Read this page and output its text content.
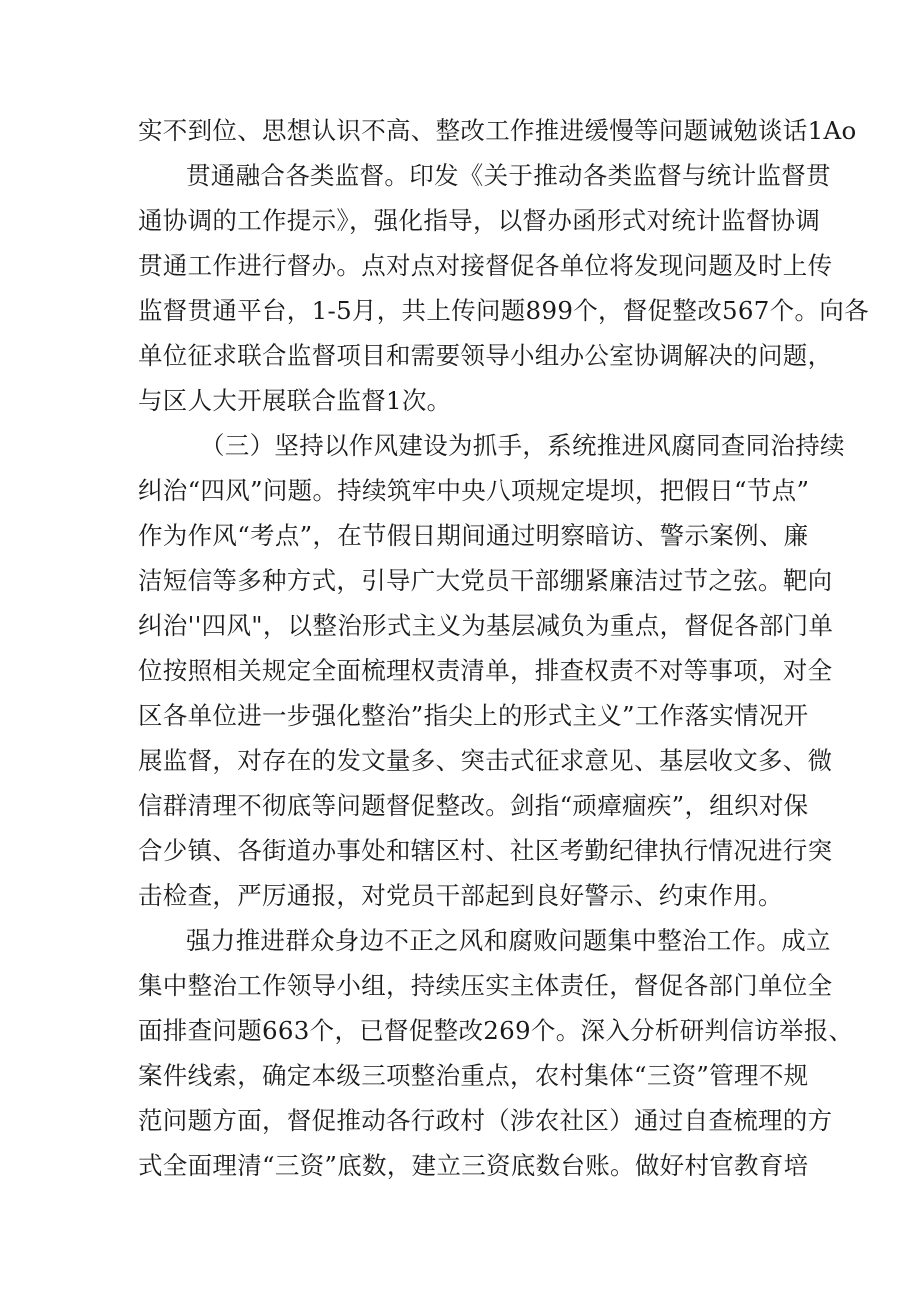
实不到位、思想认识不高、整改工作推进缓慢等问题诫勉谈话1Ao
贯通融合各类监督。印发《关于推动各类监督与统计监督贯
通协调的工作提示》，强化指导，以督办函形式对统计监督协调
贯通工作进行督办。点对点对接督促各单位将发现问题及时上传
监督贯通平台，1-5月，共上传问题899个，督促整改567个。向各
单位征求联合监督项目和需要领导小组办公室协调解决的问题，
与区人大开展联合监督1次。
（三）坚持以作风建设为抓手，系统推进风腐同查同治持续
纠治“四风”问题。持续筑牢中央八项规定堤坝，把假日“节点”
作为作风“考点”，在节假日期间通过明察暗访、警示案例、廉
洁短信等多种方式，引导广大党员干部绷紧廉洁过节之弦。靶向
纠治''四风"，以整治形式主义为基层减负为重点，督促各部门单
位按照相关规定全面梳理权责清单，排查权责不对等事项，对全
区各单位进一步强化整治”指尖上的形式主义”工作落实情况开
展监督，对存在的发文量多、突击式征求意见、基层收文多、微
信群清理不彻底等问题督促整改。剑指“顽瘴痼疾”，组织对保
合少镇、各街道办事处和辖区村、社区考勤纪律执行情况进行突
击检查，严厉通报，对党员干部起到良好警示、约束作用。
强力推进群众身边不正之风和腐败问题集中整治工作。成立
集中整治工作领导小组，持续压实主体责任，督促各部门单位全
面排查问题663个，已督促整改269个。深入分析研判信访举报、
案件线索，确定本级三项整治重点，农村集体“三资”管理不规
范问题方面，督促推动各行政村（涉农社区）通过自查梳理的方
式全面理清“三资”底数，建立三资底数台账。做好村官教育培
